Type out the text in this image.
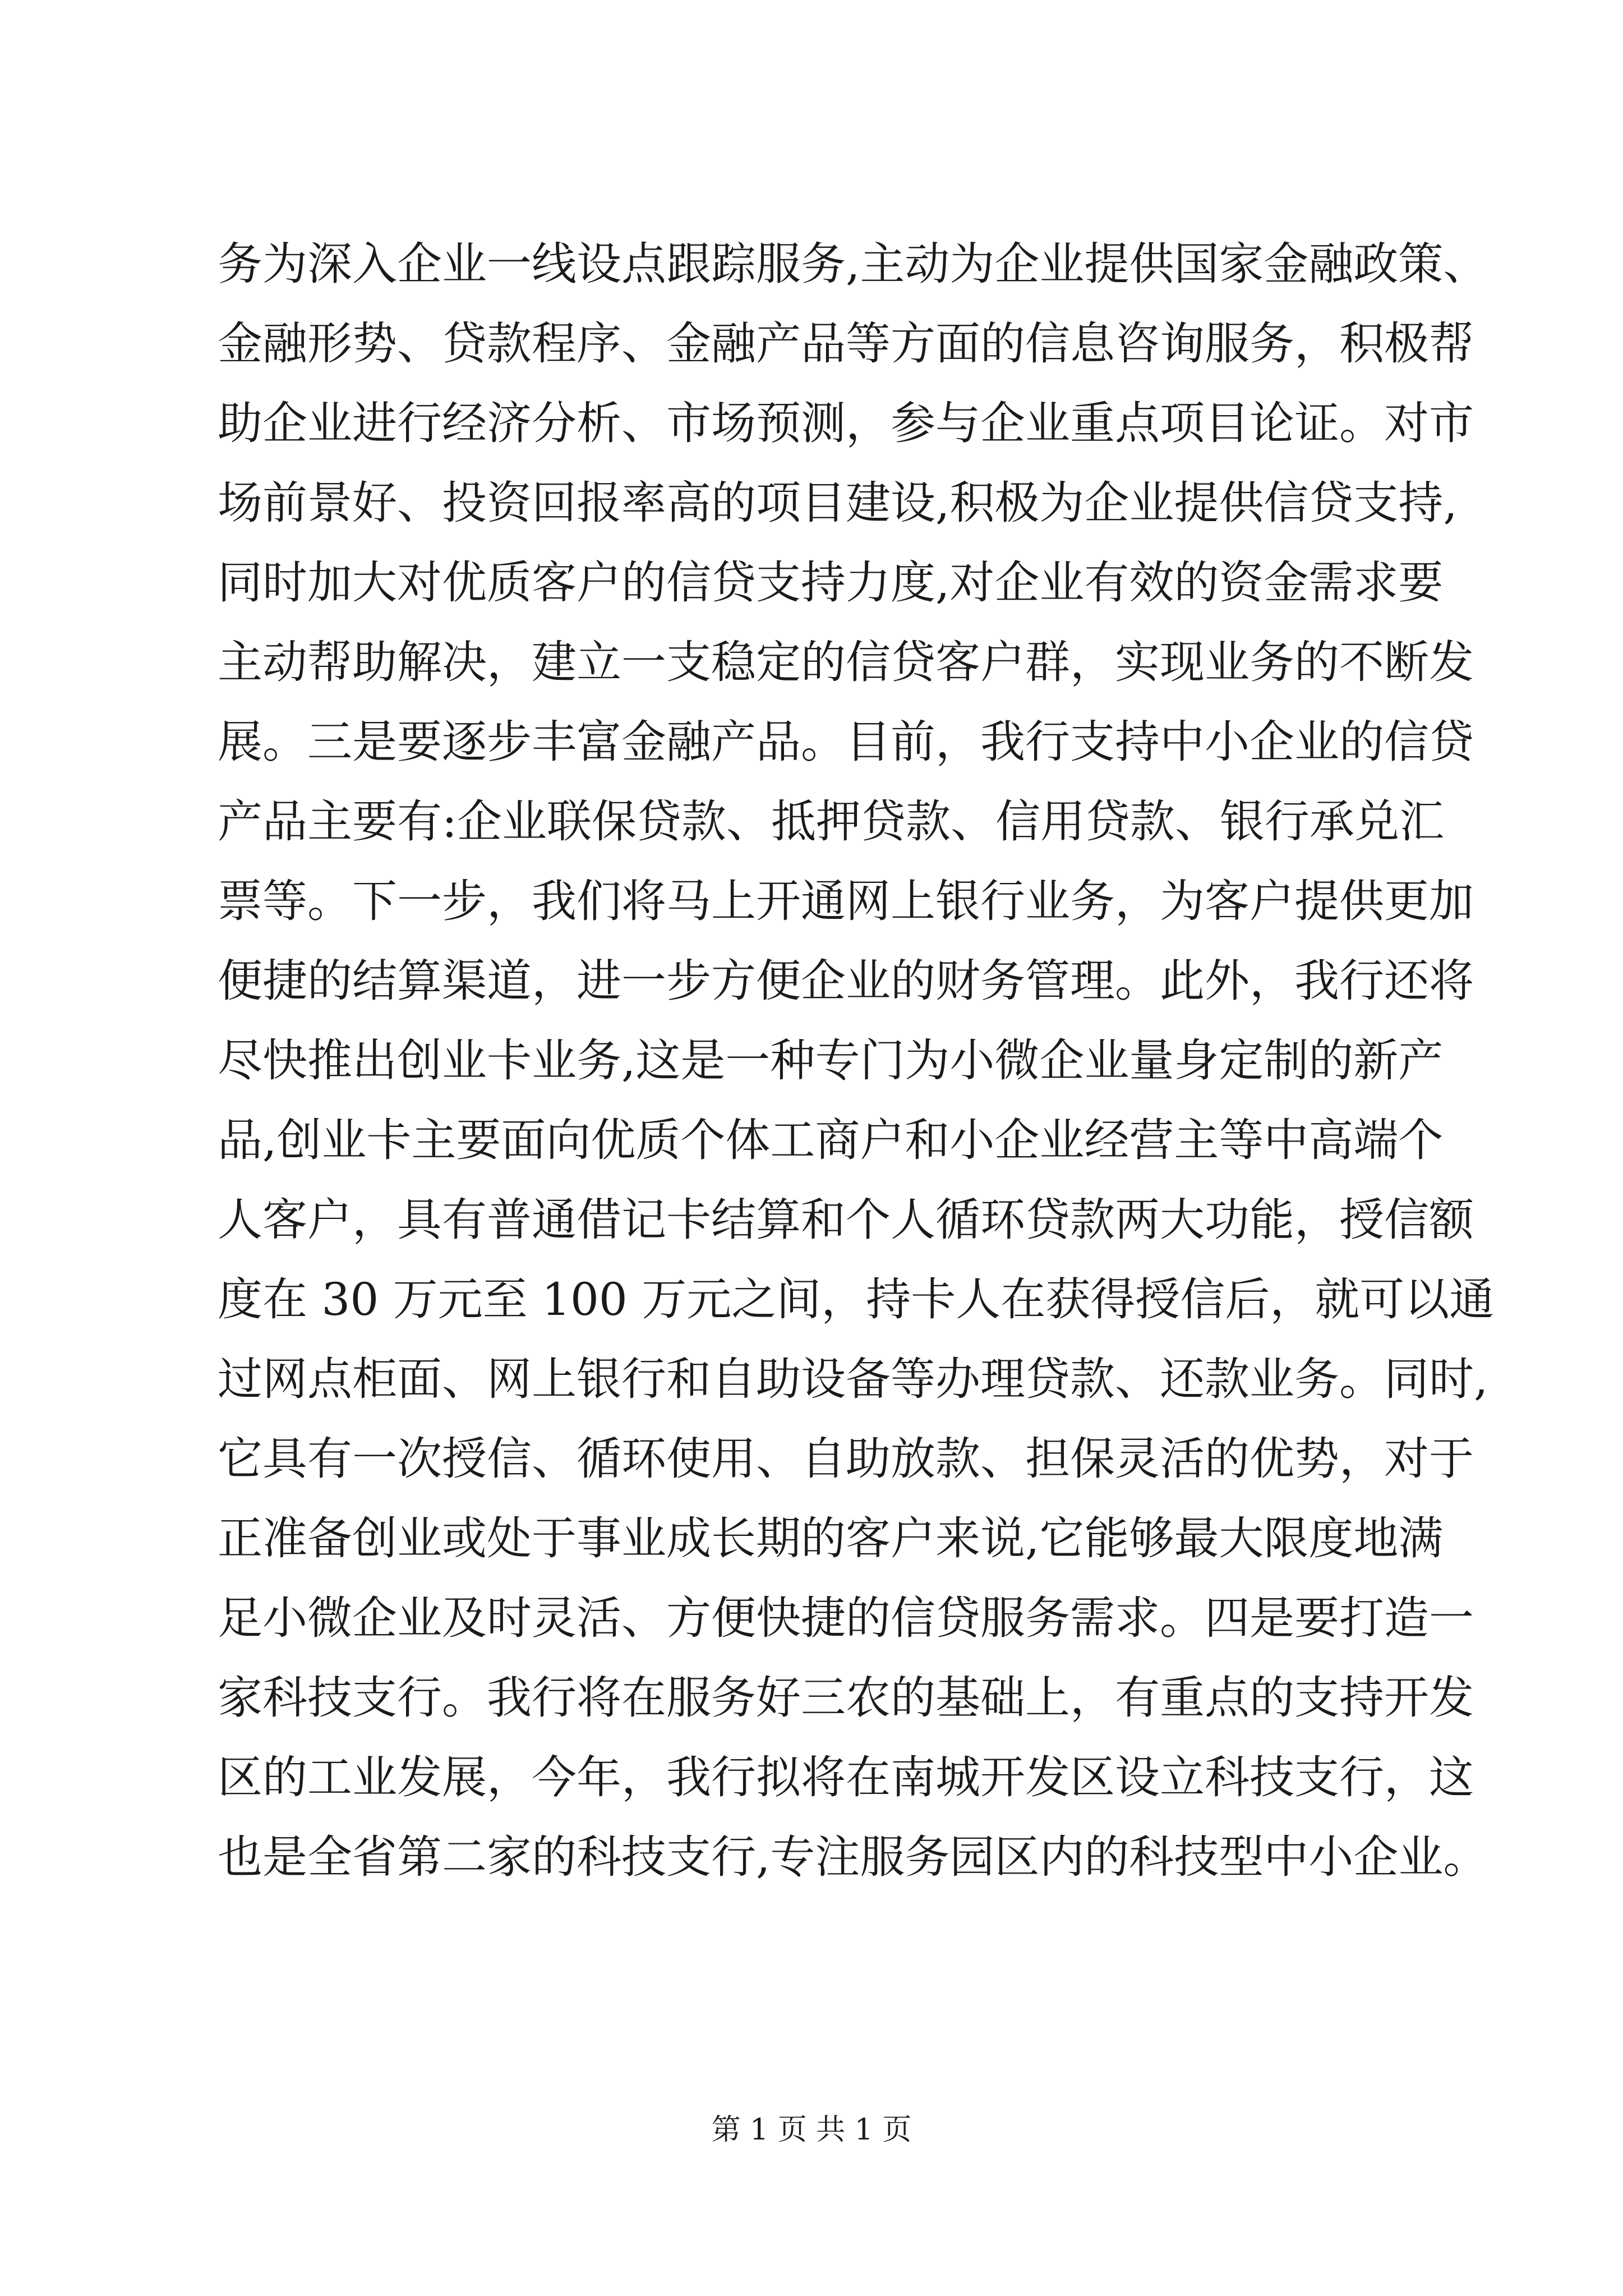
务为深入企业一线设点跟踪服务,主动为企业提供国家金融政策、
金融形势、贷款程序、金融产品等方面的信息咨询服务，积极帮
助企业进行经济分析、市场预测，参与企业重点项目论证。对市
场前景好、投资回报率高的项目建设,积极为企业提供信贷支持,
同时加大对优质客户的信贷支持力度,对企业有效的资金需求要
主动帮助解决，建立一支稳定的信贷客户群，实现业务的不断发
展。三是要逐步丰富金融产品。目前，我行支持中小企业的信贷
产品主要有:企业联保贷款、抵押贷款、信用贷款、银行承兑汇
票等。下一步，我们将马上开通网上银行业务，为客户提供更加
便捷的结算渠道，进一步方便企业的财务管理。此外，我行还将
尽快推出创业卡业务,这是一种专门为小微企业量身定制的新产
品,创业卡主要面向优质个体工商户和小企业经营主等中高端个
人客户，具有普通借记卡结算和个人循环贷款两大功能，授信额
度在 30 万元至 100 万元之间，持卡人在获得授信后，就可以通
过网点柜面、网上银行和自助设备等办理贷款、还款业务。同时,
它具有一次授信、循环使用、自助放款、担保灵活的优势，对于
正准备创业或处于事业成长期的客户来说,它能够最大限度地满
足小微企业及时灵活、方便快捷的信贷服务需求。四是要打造一
家科技支行。我行将在服务好三农的基础上，有重点的支持开发
区的工业发展，今年，我行拟将在南城开发区设立科技支行，这
也是全省第二家的科技支行,专注服务园区内的科技型中小企业。
第 1 页 共 1 页
